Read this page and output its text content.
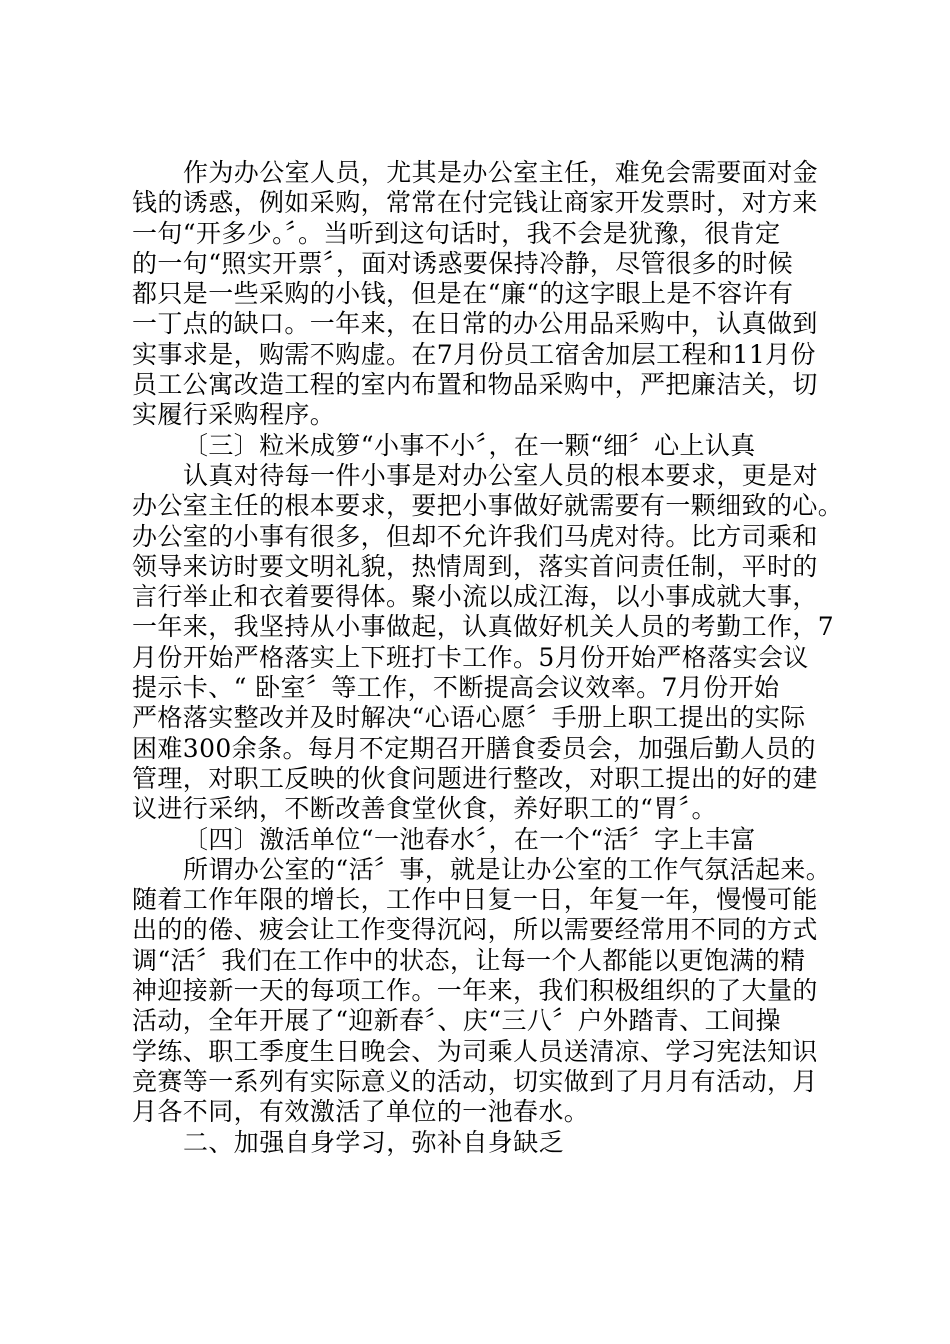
作为办公室人员，尤其是办公室主任，难免会需要面对金
钱的诱惑，例如采购，常常在付完钱让商家开发票时，对方来
一句“开多少。〞。当听到这句话时，我不会是犹豫，很肯定
的一句“照实开票〞，面对诱惑要保持冷静，尽管很多的时候
都只是一些采购的小钱，但是在“廉“的这字眼上是不容许有
一丁点的缺口。一年来，在日常的办公用品采购中，认真做到
实事求是，购需不购虚。在7月份员工宿舍加层工程和11月份
员工公寓改造工程的室内布置和物品采购中，严把廉洁关，切
实履行采购程序。
〔三〕粒米成箩“小事不小〞，在一颗“细〞心上认真
认真对待每一件小事是对办公室人员的根本要求，更是对
办公室主任的根本要求，要把小事做好就需要有一颗细致的心。
办公室的小事有很多，但却不允许我们马虎对待。比方司乘和
领导来访时要文明礼貌，热情周到，落实首问责任制，平时的
言行举止和衣着要得体。聚小流以成江海，以小事成就大事，
一年来，我坚持从小事做起，认真做好机关人员的考勤工作，7
月份开始严格落实上下班打卡工作。5月份开始严格落实会议
提示卡、“ 卧室〞等工作，不断提高会议效率。7月份开始
严格落实整改并及时解决“心语心愿〞手册上职工提出的实际
困难300余条。每月不定期召开膳食委员会，加强后勤人员的
管理，对职工反映的伙食问题进行整改，对职工提出的好的建
议进行采纳，不断改善食堂伙食，养好职工的“胃〞。
〔四〕激活单位“一池春水〞，在一个“活〞字上丰富
所谓办公室的“活〞事，就是让办公室的工作气氛活起来。
随着工作年限的增长，工作中日复一日，年复一年，慢慢可能
出的的倦、疲会让工作变得沉闷，所以需要经常用不同的方式
调“活〞我们在工作中的状态，让每一个人都能以更饱满的精
神迎接新一天的每项工作。一年来，我们积极组织的了大量的
活动，全年开展了“迎新春〞、庆“三八〞户外踏青、工间操
学练、职工季度生日晚会、为司乘人员送清凉、学习宪法知识
竞赛等一系列有实际意义的活动，切实做到了月月有活动，月
月各不同，有效激活了单位的一池春水。
二、加强自身学习，弥补自身缺乏
